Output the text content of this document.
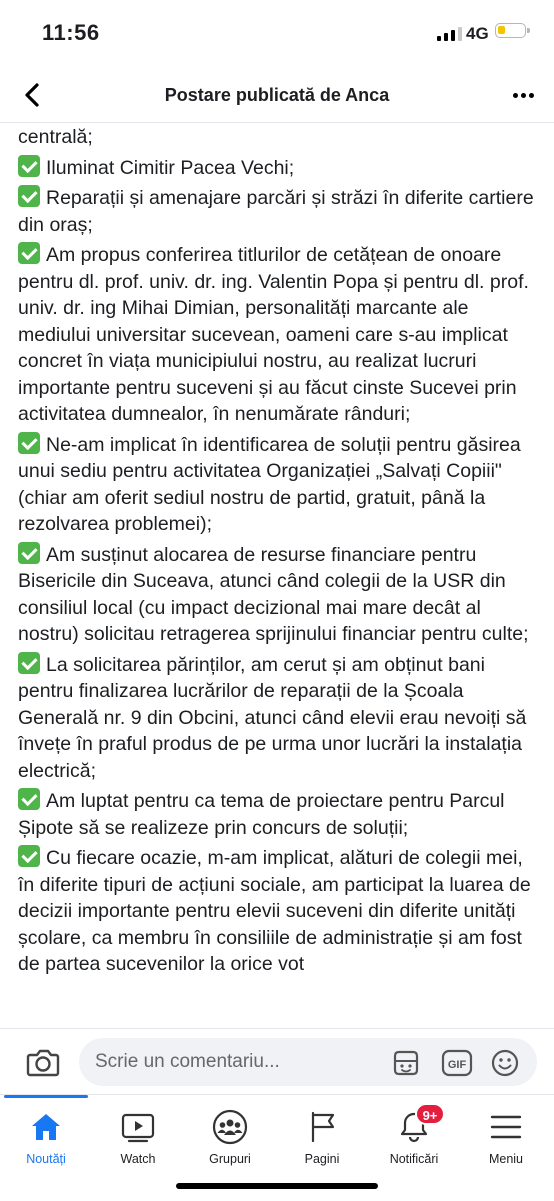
11:56	4G
Postare publicată de Anca

centrală;

Iluminat Cimitir Pacea Vechi;

Reparații și amenajare parcări și străzi în diferite cartiere din oraș;

Am propus conferirea titlurilor de cetățean de onoare pentru dl. prof. univ. dr. ing. Valentin Popa și pentru dl. prof. univ. dr. ing Mihai Dimian, personalități marcante ale mediului universitar sucevean, oameni care s-au implicat concret în viața municipiului nostru, au realizat lucruri importante pentru suceveni și au făcut cinste Sucevei prin activitatea dumnealor, în nenumărate rânduri;

Ne-am implicat în identificarea de soluții pentru găsirea unui sediu pentru activitatea Organizației „Salvați Copiii" (chiar am oferit sediul nostru de partid, gratuit, până la rezolvarea problemei);

Am susținut alocarea de resurse financiare pentru Bisericile din Suceava, atunci când colegii de la USR din consiliul local (cu impact decizional mai mare decât al nostru) solicitau retragerea sprijinului financiar pentru culte;

La solicitarea părinților, am cerut și am obținut bani pentru finalizarea lucrărilor de reparații de la Școala Generală nr. 9 din Obcini, atunci când elevii erau nevoiți să învețe în praful produs de pe urma unor lucrări la instalația electrică;

Am luptat pentru ca tema de proiectare pentru Parcul Șipote să se realizeze prin concurs de soluții;

Cu fiecare ocazie, m-am implicat, alături de colegii mei, în diferite tipuri de acțiuni sociale, am participat la luarea de decizii importante pentru elevii suceveni din diferite unități școlare, ca membru în consiliile de administrație și am fost de partea sucevenilor la orice vot

Scrie un comentariu...	GIF
Noutăți	Watch	Grupuri	Pagini
9+
Notificări	Meniu
